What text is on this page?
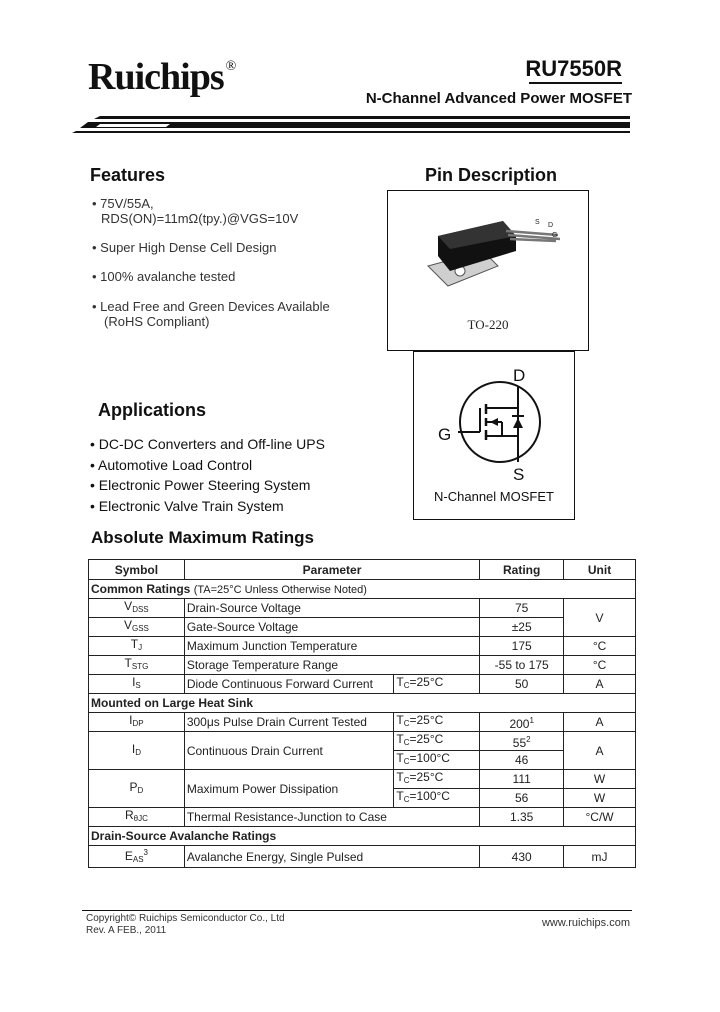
Ruichips ®	RU7550R
N-Channel Advanced Power MOSFET
Features
• 75V/55A,
RDS(ON)=11mΩ(tpy.)@VGS=10V
• Super High Dense Cell Design
• 100% avalanche tested
• Lead Free and Green Devices Available
(RoHS Compliant)
Pin Description
S D
G
TO-220
D
G
S
N-Channel MOSFET
Applications
• DC-DC Converters and Off-line UPS
• Automotive Load Control
• Electronic Power Steering System
• Electronic Valve Train System
Absolute Maximum Ratings
Symbol	Parameter		Rating	Unit
Common Ratings (TA=25°C Unless Otherwise Noted)				
$V_{DSS}$	Drain-Source Voltage		75	V
$V_{GSS}$	Gate-Source Voltage		±25	
$T_J$	Maximum Junction Temperature		175	°C
$T_{STG}$	Storage Temperature Range		-55 to 175	°C
$I_S$	Diode Continuous Forward Current	$T_C=25^\circ C$	50	A
Mounted on Large Heat Sink				
$I_{DP}$	300μs Pulse Drain Current Tested	$T_C=25^\circ C$	$200^1$	A
$I_D$	Continuous Drain Current	$T_C=25^\circ C$	$55^2$	A
		$T_C=100^\circ C$	46	
$P_D$	Maximum Power Dissipation	$T_C=25^\circ C$	111	W
		$T_C=100^\circ C$	56	W
$R_{\theta JC}$	Thermal Resistance-Junction to Case		1.35	°C/W
Drain-Source Avalanche Ratings				
$E_{AS}^3$	Avalanche Energy, Single Pulsed		430	mJ
Copyright© Ruichips Semiconductor Co., Ltd
Rev. A FEB., 2011
www.ruichips.com
